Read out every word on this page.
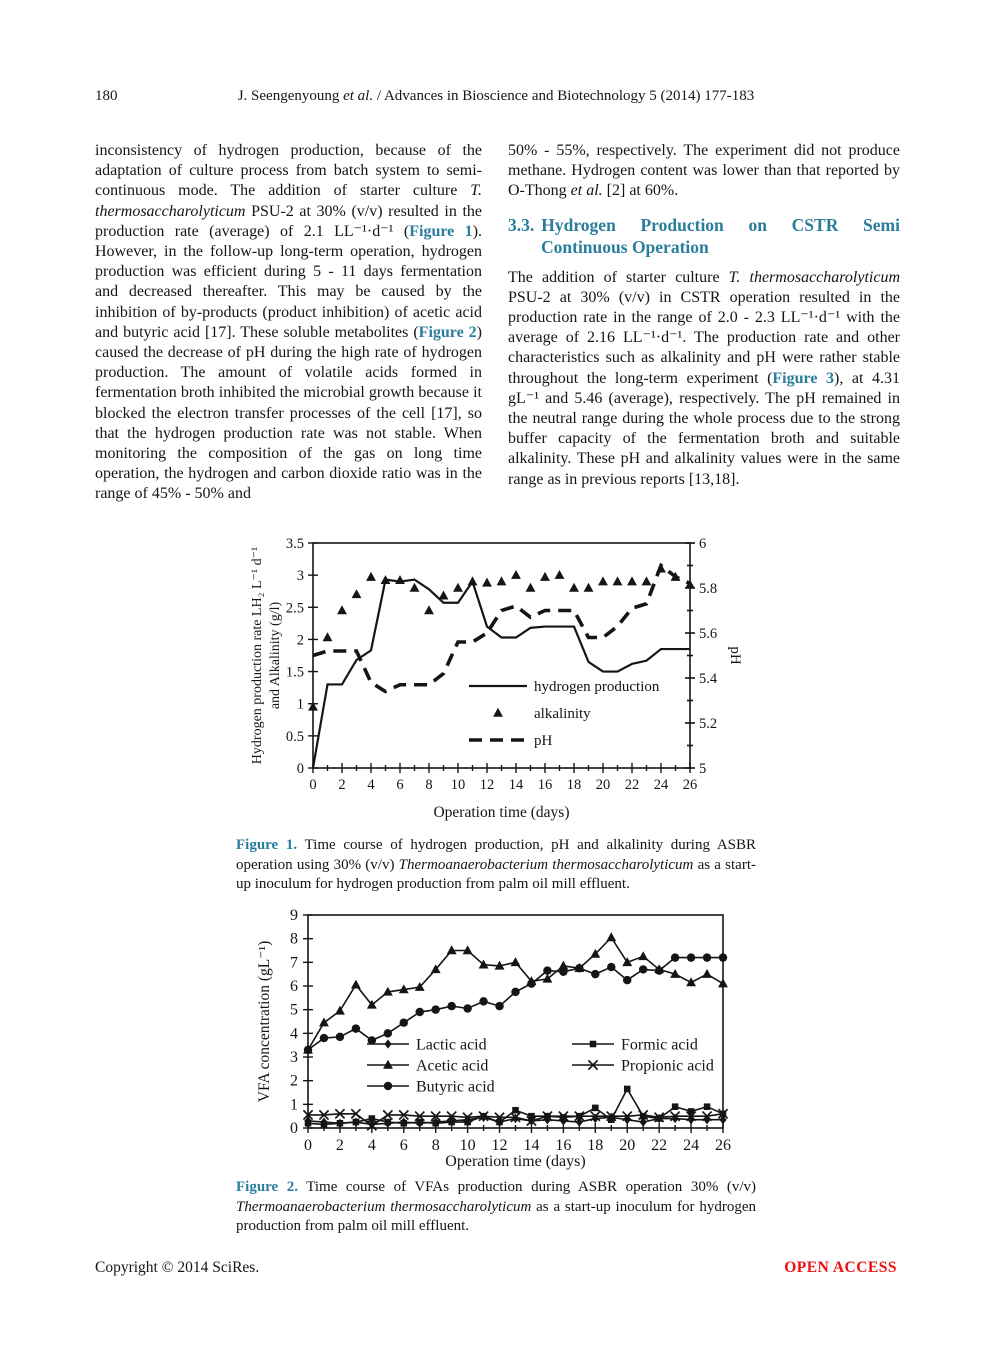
180	J. Seengenyoung et al. / Advances in Bioscience and Biotechnology 5 (2014) 177-183

inconsistency of hydrogen production, because of the adaptation of culture process from batch system to semi-continuous mode. The addition of starter culture T. thermosaccharolyticum PSU-2 at 30% (v/v) resulted in the production rate (average) of 2.1 LL⁻¹·d⁻¹ (Figure 1). However, in the follow-up long-term operation, hydrogen production was efficient during 5 - 11 days fermentation and decreased thereafter. This may be caused by the inhibition of by-products (product inhibition) of acetic acid and butyric acid [17]. These soluble metabolites (Figure 2) caused the decrease of pH during the high rate of hydrogen production. The amount of volatile acids formed in fermentation broth inhibited the microbial growth because it blocked the electron transfer processes of the cell [17], so that the hydrogen production rate was not stable. When monitoring the composition of the gas on long time operation, the hydrogen and carbon dioxide ratio was in the range of 45% - 50% and

50% - 55%, respectively. The experiment did not produce methane. Hydrogen content was lower than that reported by O-Thong et al. [2] at 60%.

3.3. Hydrogen Production on CSTR Semi Continuous Operation

The addition of starter culture T. thermosaccharolyticum PSU-2 at 30% (v/v) in CSTR operation resulted in the production rate in the range of 2.0 - 2.3 LL⁻¹·d⁻¹ with the average of 2.16 LL⁻¹·d⁻¹. The production rate and other characteristics such as alkalinity and pH were rather stable throughout the long-term experiment (Figure 3), at 4.31 gL⁻¹ and 5.46 (average), respectively. The pH remained in the neutral range during the whole process due to the strong buffer capacity of the fermentation broth and suitable alkalinity. These pH and alkalinity values were in the same range as in previous reports [13,18].

0 2 4 6 8 10 12 14 16 18 20 22 24 26
0
0.5
1
1.5
2
2.5
3
3.5
5
5.2
5.4
5.6
5.8
6
Hydrogen production rate LH₂ L⁻¹ d⁻¹ and Alkalinity (g/l)	pH
Operation time (days)
hydrogen production
alkalinity
pH
Figure 1. Time course of hydrogen production, pH and alkalinity during ASBR operation using 30% (v/v) Thermoanaerobacterium thermosaccharolyticum as a start-up inoculum for hydrogen production from palm oil mill effluent.
0 2 4 6 8 10 12 14 16 18 20 22 24 26
0
1
2
3
4
5
6
7
8
9
VFA concentration (gL⁻¹)
Operation time (days)
Lactic acid	Formic acid
Acetic acid	Propionic acid
Butyric acid
Figure 2. Time course of VFAs production during ASBR operation 30% (v/v) Thermoanaerobacterium thermosaccharolyticum as a start-up inoculum for hydrogen production from palm oil mill effluent.
Copyright © 2014 SciRes.	OPEN ACCESS
